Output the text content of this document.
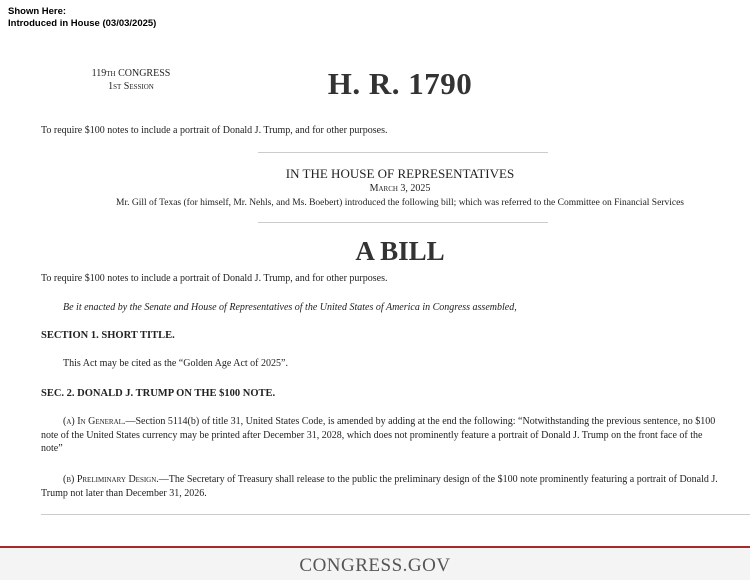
Shown Here:
Introduced in House (03/03/2025)
119th CONGRESS
1st Session	H. R. 1790
To require $100 notes to include a portrait of Donald J. Trump, and for other purposes.
IN THE HOUSE OF REPRESENTATIVES
March 3, 2025
Mr. Gill of Texas (for himself, Mr. Nehls, and Ms. Boebert) introduced the following bill; which was referred to the Committee on Financial Services
A BILL
To require $100 notes to include a portrait of Donald J. Trump, and for other purposes.
Be it enacted by the Senate and House of Representatives of the United States of America in Congress assembled,
SECTION 1. SHORT TITLE.
This Act may be cited as the “Golden Age Act of 2025”.
SEC. 2. DONALD J. TRUMP ON THE $100 NOTE.
(a) In General.—Section 5114(b) of title 31, United States Code, is amended by adding at the end the following: “Notwithstanding the previous sentence, no $100 note of the United States currency may be printed after December 31, 2028, which does not prominently feature a portrait of Donald J. Trump on the front face of the note”
(b) Preliminary Design.—The Secretary of Treasury shall release to the public the preliminary design of the $100 note prominently featuring a portrait of Donald J. Trump not later than December 31, 2026.
CONGRESS.GOV
